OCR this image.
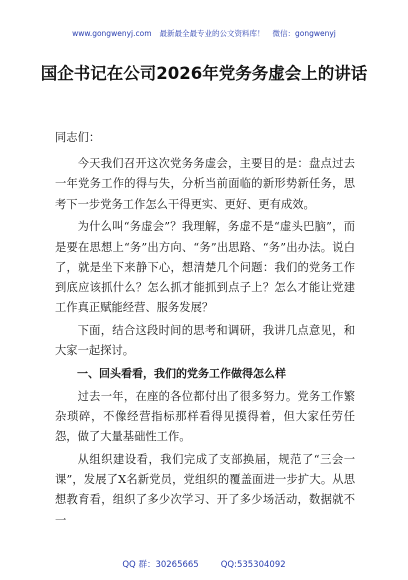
www.gongwenyj.com 最新最全最专业的公文资料库！ 微信：gongwenyj
国企书记在公司2026年党务务虚会上的讲话

同志们：

今天我们召开这次党务务虚会，主要目的是：盘点过去一年党务工作的得与失，分析当前面临的新形势新任务，思考下一步党务工作怎么干得更实、更好、更有成效。

为什么叫“务虚会”？我理解，务虚不是“虚头巴脑”，而是要在思想上“务”出方向、“务”出思路、“务”出办法。说白了，就是坐下来静下心，想清楚几个问题：我们的党务工作到底应该抓什么？怎么抓才能抓到点子上？怎么才能让党建工作真正赋能经营、服务发展？

下面，结合这段时间的思考和调研，我讲几点意见，和大家一起探讨。

一、回头看看，我们的党务工作做得怎么样

过去一年，在座的各位都付出了很多努力。党务工作繁杂琐碎，不像经营指标那样看得见摸得着，但大家任劳任怨，做了大量基础性工作。

从组织建设看，我们完成了支部换届，规范了“三会一课”，发展了X名新党员，党组织的覆盖面进一步扩大。从思想教育看，组织了多少次学习、开了多少场活动，数据就不一

QQ 群：30265665	QQ:535304092
